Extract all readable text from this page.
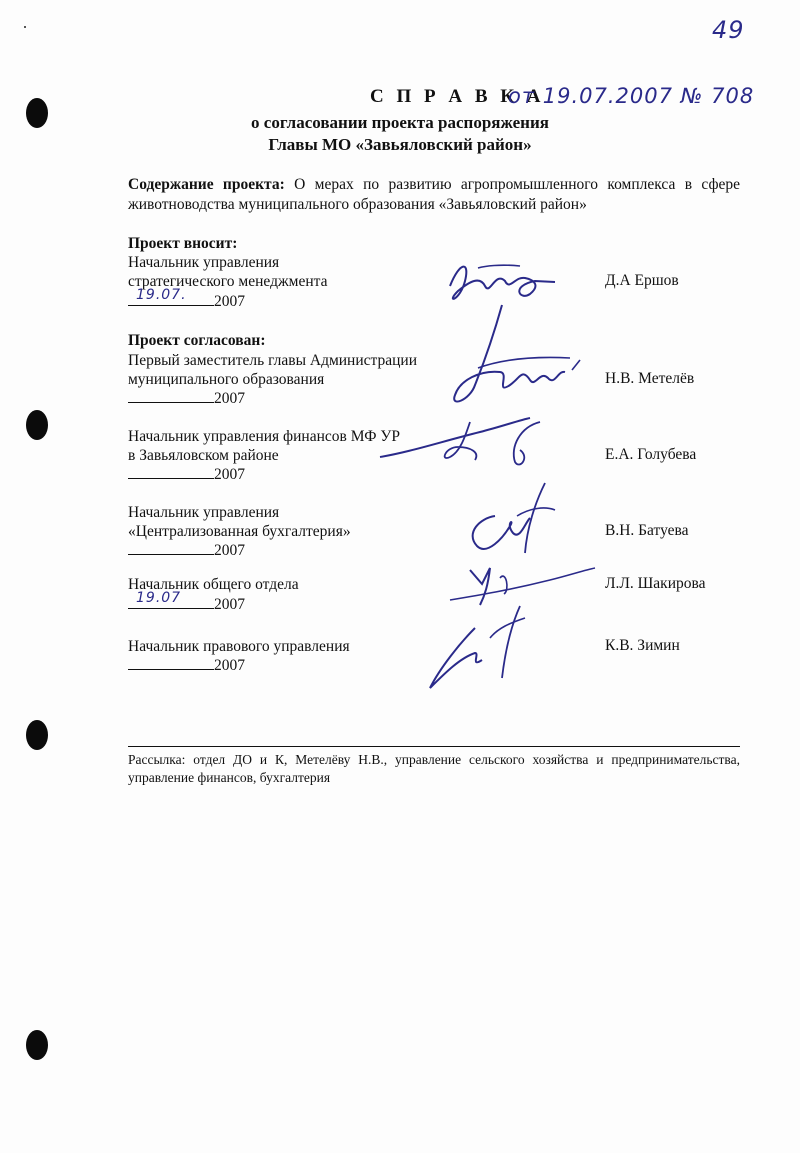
49
С П Р А В К А
от 19.07.2007 № 708
о согласовании проекта распоряжения
Главы МО «Завьяловский район»
Содержание проекта: О мерах по развитию агропромышленного комплекса в сфере животноводства муниципального образования «Завьяловский район»
Проект вносит:
Начальник управления
стратегического менеджмента
19.07. 2007
Д.А Ершов
Проект согласован:
Первый заместитель главы Администрации
муниципального образования
2007
Н.В. Метелёв
Начальник управления финансов МФ УР
в Завьяловском районе
2007
Е.А. Голубева
Начальник управления
«Централизованная бухгалтерия»
2007
В.Н. Батуева
Начальник общего отдела
19.07 2007
Л.Л. Шакирова
Начальник правового управления
2007
К.В. Зимин
Рассылка: отдел ДО и К, Метелёву Н.В., управление сельского хозяйства и предпринимательства, управление финансов, бухгалтерия
